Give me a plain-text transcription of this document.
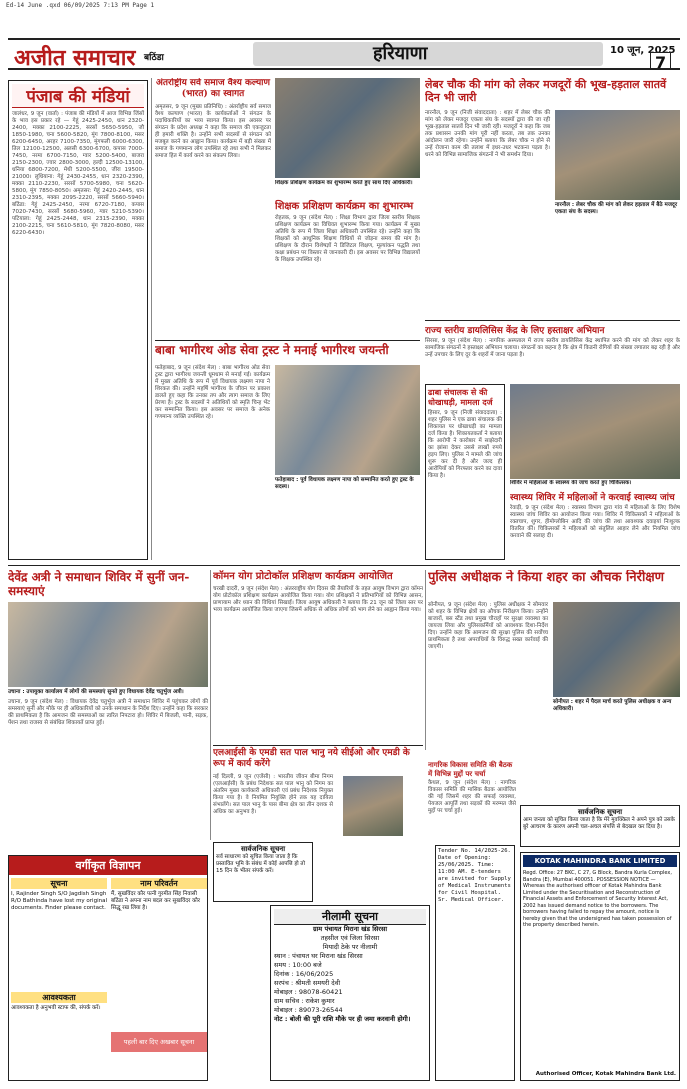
Ed-14 June .qxd 06/09/2025 7:13 PM Page 1
अजीत समाचार बठिंडा	हरियाणा	10 जून, 2025
7
पंजाब की मंडियां
जालंधर, 9 जून (वार्ता) : पंजाब की मंडियों में आज विभिन्न जिंसों के भाव इस प्रकार रहे — गेहूं 2425-2450, धान 2320-2400, मक्का 2100-2225, सरसों 5650-5950, जौ 1850-1980, चना 5600-5820, मूंग 7800-8100, मसर 6200-6450, अरहर 7100-7350, मूंगफली 6000-6300, तिल 12100-12500, अलसी 6300-6700, कपास 7000-7450, नरमा 6700-7150, ग्वार 5200-5400, बाजरा 2150-2300, ज्वार 2800-3000, हल्दी 12500-13100, धनिया 6800-7200, मेथी 5200-5500, जीरा 19500-21000। लुधियाना: गेहूं 2430-2455, धान 2320-2390, मक्का 2110-2230, सरसों 5700-5980, चना 5620-5800, मूंग 7850-8050। अमृतसर: गेहूं 2420-2445, धान 2310-2395, मक्का 2095-2220, सरसों 5660-5940। बठिंडा: गेहूं 2425-2450, नरमा 6720-7180, कपास 7020-7430, सरसों 5680-5960, ग्वार 5210-5390। पटियाला: गेहूं 2425-2448, धान 2315-2390, मक्का 2100-2215, चना 5610-5810, मूंग 7820-8080, मसर 6220-6430।
अंतर्राष्ट्रीय सर्व समाज वैश्य कल्याण (भारत) का स्वागत
अमृतसर, 9 जून (मुख्य प्रतिनिधि) : अंतर्राष्ट्रीय सर्व समाज वैश्य कल्याण (भारत) के कार्यकर्ताओं ने संगठन के पदाधिकारियों का भव्य स्वागत किया। इस अवसर पर संगठन के प्रदेश अध्यक्ष ने कहा कि समाज की एकजुटता ही हमारी शक्ति है। उन्होंने सभी सदस्यों से संगठन को मजबूत करने का आह्वान किया। कार्यक्रम में बड़ी संख्या में समाज के गणमान्य लोग उपस्थित रहे तथा सभी ने मिलकर समाज हित में कार्य करने का संकल्प लिया।
शिक्षक प्रशिक्षण कार्यक्रम का शुभारम्भ करते हुए साथ दिए अधिकारी।
शिक्षक प्रशिक्षण कार्यक्रम का शुभारम्भ
रोहतक, 9 जून (संदेश मेल) : शिक्षा विभाग द्वारा जिला स्तरीय शिक्षक प्रशिक्षण कार्यक्रम का विधिवत शुभारम्भ किया गया। कार्यक्रम में मुख्य अतिथि के रूप में जिला शिक्षा अधिकारी उपस्थित रहे। उन्होंने कहा कि शिक्षकों को आधुनिक शिक्षण विधियों से जोड़ना समय की मांग है। प्रशिक्षण के दौरान विशेषज्ञों ने डिजिटल शिक्षण, मूल्यांकन पद्धति तथा कक्षा प्रबंधन पर विस्तार से जानकारी दी। इस अवसर पर विभिन्न विद्यालयों के शिक्षक उपस्थित रहे।
लेबर चौक की मांग को लेकर मजदूरों की भूख-हड़ताल सातवें दिन भी जारी
नारनौल, 9 जून (निजी संवाददाता) : शहर में लेबर चौक की मांग को लेकर मजदूर एकता संघ के सदस्यों द्वारा की जा रही भूख-हड़ताल सातवें दिन भी जारी रही। मजदूरों ने कहा कि जब तक प्रशासन उनकी मांग पूरी नहीं करता, तब तक उनका आंदोलन जारी रहेगा। उन्होंने बताया कि लेबर चौक न होने से उन्हें रोजाना काम की तलाश में इधर-उधर भटकना पड़ता है। धरने को विभिन्न सामाजिक संगठनों ने भी समर्थन दिया।
नारनौल : लेबर चौक की मांग को लेकर हड़ताल में बैठे मजदूर एकता संघ के सदस्य।
राज्य स्तरीय डायलिसिस केंद्र के लिए हस्ताक्षर अभियान
सिरसा, 9 जून (संदेश मेल) : नागरिक अस्पताल में राज्य स्तरीय डायलिसिस केंद्र स्थापित करने की मांग को लेकर शहर के सामाजिक संगठनों ने हस्ताक्षर अभियान चलाया। संगठनों का कहना है कि क्षेत्र में किडनी रोगियों की संख्या लगातार बढ़ रही है और उन्हें उपचार के लिए दूर के शहरों में जाना पड़ता है।
बाबा भागीरथ ओड सेवा ट्रस्ट ने मनाई भागीरथ जयन्ती
फतेहाबाद, 9 जून (संदेश मेल) : बाबा भागीरथ ओड सेवा ट्रस्ट द्वारा भागीरथ जयन्ती धूमधाम से मनाई गई। कार्यक्रम में मुख्य अतिथि के रूप में पूर्व विधायक लक्ष्मण नापा ने शिरकत की। उन्होंने महर्षि भागीरथ के जीवन पर प्रकाश डालते हुए कहा कि उनका तप और त्याग समाज के लिए प्रेरणा है। ट्रस्ट के सदस्यों ने अतिथियों को स्मृति चिन्ह भेंट कर सम्मानित किया। इस अवसर पर समाज के अनेक गणमान्य व्यक्ति उपस्थित रहे।
फतेहाबाद : पूर्व विधायक लक्ष्मण नापा को सम्मानित करते हुए ट्रस्ट के सदस्य।
ढाबा संचालक से की धोखाधड़ी, मामला दर्ज
हिसार, 9 जून (निजी संवाददाता) : शहर पुलिस ने एक ढाबा संचालक की शिकायत पर धोखाधड़ी का मामला दर्ज किया है। शिकायतकर्ता ने बताया कि आरोपी ने कारोबार में साझेदारी का झांसा देकर उससे लाखों रुपये हड़प लिए। पुलिस ने मामले की जांच शुरू कर दी है और जल्द ही आरोपियों को गिरफ्तार करने का दावा किया है।
शिविर में महिलाओं के स्वास्थ्य की जांच करते हुए चिकित्सक।
स्वास्थ्य शिविर में महिलाओं ने करवाई स्वास्थ्य जांच
रेवाड़ी, 9 जून (संदेश मेल) : स्वास्थ्य विभाग द्वारा गांव में महिलाओं के लिए विशेष स्वास्थ्य जांच शिविर का आयोजन किया गया। शिविर में चिकित्सकों ने महिलाओं के रक्तचाप, शुगर, हीमोग्लोबिन आदि की जांच की तथा आवश्यक दवाइयां निःशुल्क वितरित कीं। चिकित्सकों ने महिलाओं को संतुलित आहार लेने और नियमित जांच करवाने की सलाह दी।
देवेंद्र अत्री ने समाधान शिविर में सुनीं जन-समस्याएं
उचाना : उपायुक्त कार्यालय में लोगों की समस्याएं सुनते हुए विधायक देवेंद्र चतुर्भुज अत्री।
उचाना, 9 जून (संदेश मेल) : विधायक देवेंद्र चतुर्भुज अत्री ने समाधान शिविर में पहुंचकर लोगों की समस्याएं सुनीं और मौके पर ही अधिकारियों को उनके समाधान के निर्देश दिए। उन्होंने कहा कि सरकार की प्राथमिकता है कि आमजन की समस्याओं का त्वरित निपटारा हो। शिविर में बिजली, पानी, सड़क, पेंशन तथा राजस्व से संबंधित शिकायतें प्राप्त हुईं।
कॉमन योग प्रोटोकॉल प्रशिक्षण कार्यक्रम आयोजित
चरखी दादरी, 9 जून (संदेश मेल) : अंतरराष्ट्रीय योग दिवस की तैयारियों के तहत आयुष विभाग द्वारा कॉमन योग प्रोटोकॉल प्रशिक्षण कार्यक्रम आयोजित किया गया। योग प्रशिक्षकों ने प्रतिभागियों को विभिन्न आसन, प्राणायाम और ध्यान की विधियां सिखाईं। जिला आयुष अधिकारी ने बताया कि 21 जून को जिला स्तर पर भव्य कार्यक्रम आयोजित किया जाएगा जिसमें अधिक से अधिक लोगों को भाग लेने का आह्वान किया गया।
पुलिस अधीक्षक ने किया शहर का औचक निरीक्षण
सोनीपत, 9 जून (संदेश मेल) : पुलिस अधीक्षक ने सोमवार को शहर के विभिन्न क्षेत्रों का औचक निरीक्षण किया। उन्होंने बाजारों, बस स्टैंड तथा प्रमुख चौराहों पर सुरक्षा व्यवस्था का जायजा लिया और पुलिसकर्मियों को आवश्यक दिशा-निर्देश दिए। उन्होंने कहा कि आमजन की सुरक्षा पुलिस की सर्वोच्च प्राथमिकता है तथा अपराधियों के विरुद्ध सख्त कार्रवाई की जाएगी।
सोनीपत : शहर में पैदल मार्च करते पुलिस अधीक्षक व अन्य अधिकारी।
एलआईसी के एमडी सत पाल भानु नये सीईओ और एमडी के रूप में कार्य करेंगे
नई दिल्ली, 9 जून (एजेंसी) : भारतीय जीवन बीमा निगम (एलआईसी) के प्रबंध निदेशक सत पाल भानु को निगम का अंतरिम मुख्य कार्यकारी अधिकारी एवं प्रबंध निदेशक नियुक्त किया गया है। वे नियमित नियुक्ति होने तक यह दायित्व संभालेंगे। सत पाल भानु के पास बीमा क्षेत्र का तीन दशक से अधिक का अनुभव है।
वर्गीकृत विज्ञापन
सूचना
I, Rajinder Singh S/O Jagdish Singh R/O Bathinda have lost my original documents. Finder please contact.
नाम परिवर्तन
मैं, सुखविंदर कौर पत्नी गुरमीत सिंह निवासी बठिंडा ने अपना नाम बदल कर सुखविंदर कौर सिद्धू रख लिया है।
आवश्यकता
आवश्यकता है अनुभवी स्टाफ की, संपर्क करें।
पहली बार दिए अखबार सूचना
सार्वजनिक सूचना
सर्व साधारण को सूचित किया जाता है कि प्रस्तावित भूमि के संबंध में कोई आपत्ति हो तो 15 दिन के भीतर संपर्क करें।
नीलामी सूचना
ग्राम पंचायत मिराना खंड सिरसा
तहसील एवं जिला सिरसा
मियादी ठेके पर नीलामी
स्थान : पंचायत घर मिराना खंड सिरसा
समय : 10:00 बजे
दिनांक : 16/06/2025
सरपंच : श्रीमती समयरी देवी
मोबाइल : 98078-60421
ग्राम सचिव : राकेश कुमार
मोबाइल : 89073-26544
नोट : बोली की पूरी राशि मौके पर ही जमा करवानी होगी।
Tender No. 14/2025-26. Date of Opening: 25/06/2025. Time: 11:00 AM. E-tenders are invited for Supply of Medical Instruments for Civil Hospital. Sr. Medical Officer.
सार्वजनिक सूचना
आम जनता को सूचित किया जाता है कि मेरे मुवक्किल ने अपने पुत्र को उसके बुरे आचरण के कारण अपनी चल-अचल संपत्ति से बेदखल कर दिया है।
KOTAK MAHINDRA BANK LIMITED
Regd. Office: 27 BKC, C 27, G Block, Bandra Kurla Complex, Bandra (E), Mumbai 400051. POSSESSION NOTICE — Whereas the authorised officer of Kotak Mahindra Bank Limited under the Securitisation and Reconstruction of Financial Assets and Enforcement of Security Interest Act, 2002 has issued demand notice to the borrowers. The borrowers having failed to repay the amount, notice is hereby given that the undersigned has taken possession of the property described herein.
Authorised Officer, Kotak Mahindra Bank Ltd.
नागरिक विकास समिति की बैठक में विभिन्न मुद्दों पर चर्चा
कैथल, 9 जून (संदेश मेल) : नागरिक विकास समिति की मासिक बैठक आयोजित की गई जिसमें शहर की सफाई व्यवस्था, पेयजल आपूर्ति तथा सड़कों की मरम्मत जैसे मुद्दों पर चर्चा हुई।
